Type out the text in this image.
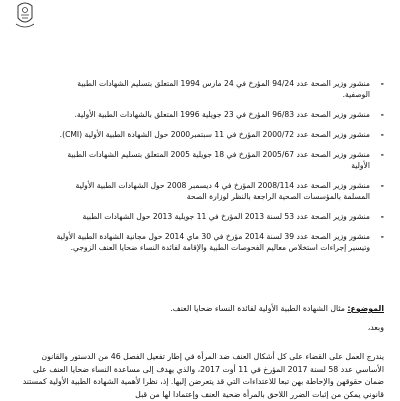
-
منشور وزير الصحة عدد 94/24 المؤرخ في 24 مارس 1994 المتعلق بتسليم الشهادات الطبية الوصفية.
-
منشور وزير الصحة عدد 96/83 المؤرخ في 23 جويلية 1996 المتعلق بالشهادات الطبية الأولية.
-
منشور وزير الصحة عدد 2000/72 المؤرخ في 11 سبتمبر2000 حول الشهادة الطبية الأولية (CMI).
-
منشور وزير الصحة عدد 2005/67 المؤرخ في 18 جويلية 2005 المتعلق بتسليم الشهادات الطبية الأولية
-
منشور وزير الصحة عدد 2008/114 المؤرخ في 4 ديسمبر 2008 حول الشهادات الطبية الأولية المسلمة بالمؤسسات الصحية الراجعة بالنظر لوزارة الصحة
-
منشور وزير الصحة عدد 53 لسنة 2013 المؤرخ في 11 جويلية 2013 حول الشهادات الطبية
-
منشور وزير الصحة عدد 39 لسنة 2014 مؤرخ في 30 ماي 2014 حول مجانية الشهادة الطبية الأولية وتيسير إجراءات استخلاص معاليم الفحوصات الطبية والإقامة لفائدة النساء ضحايا العنف الزوجي.
الموضوع: مثال الشهادة الطبية الأولية لفائدة النساء ضحايا العنف.
وبعد،
يندرج العمل على القضاء على كل أشكال العنف ضد المرأة في إطار تفعيل الفصل 46 من الدستور والقانون الأساسي عدد 58 لسنة 2017 المؤرخ في 11 أوت 2017، والذي يهدف إلى مساعدة النساء ضحايا العنف على ضمان حقوقهن والإحاطة بهن تبعا للاعتداءات التي قد يتعرضن إليها. إذ، نظرا لأهمية الشهادة الطبية الأولية كمستند قانوني يمكن من إثبات الضرر اللاحق بالمرأة ضحية العنف وإعتمادا لها من قبل
